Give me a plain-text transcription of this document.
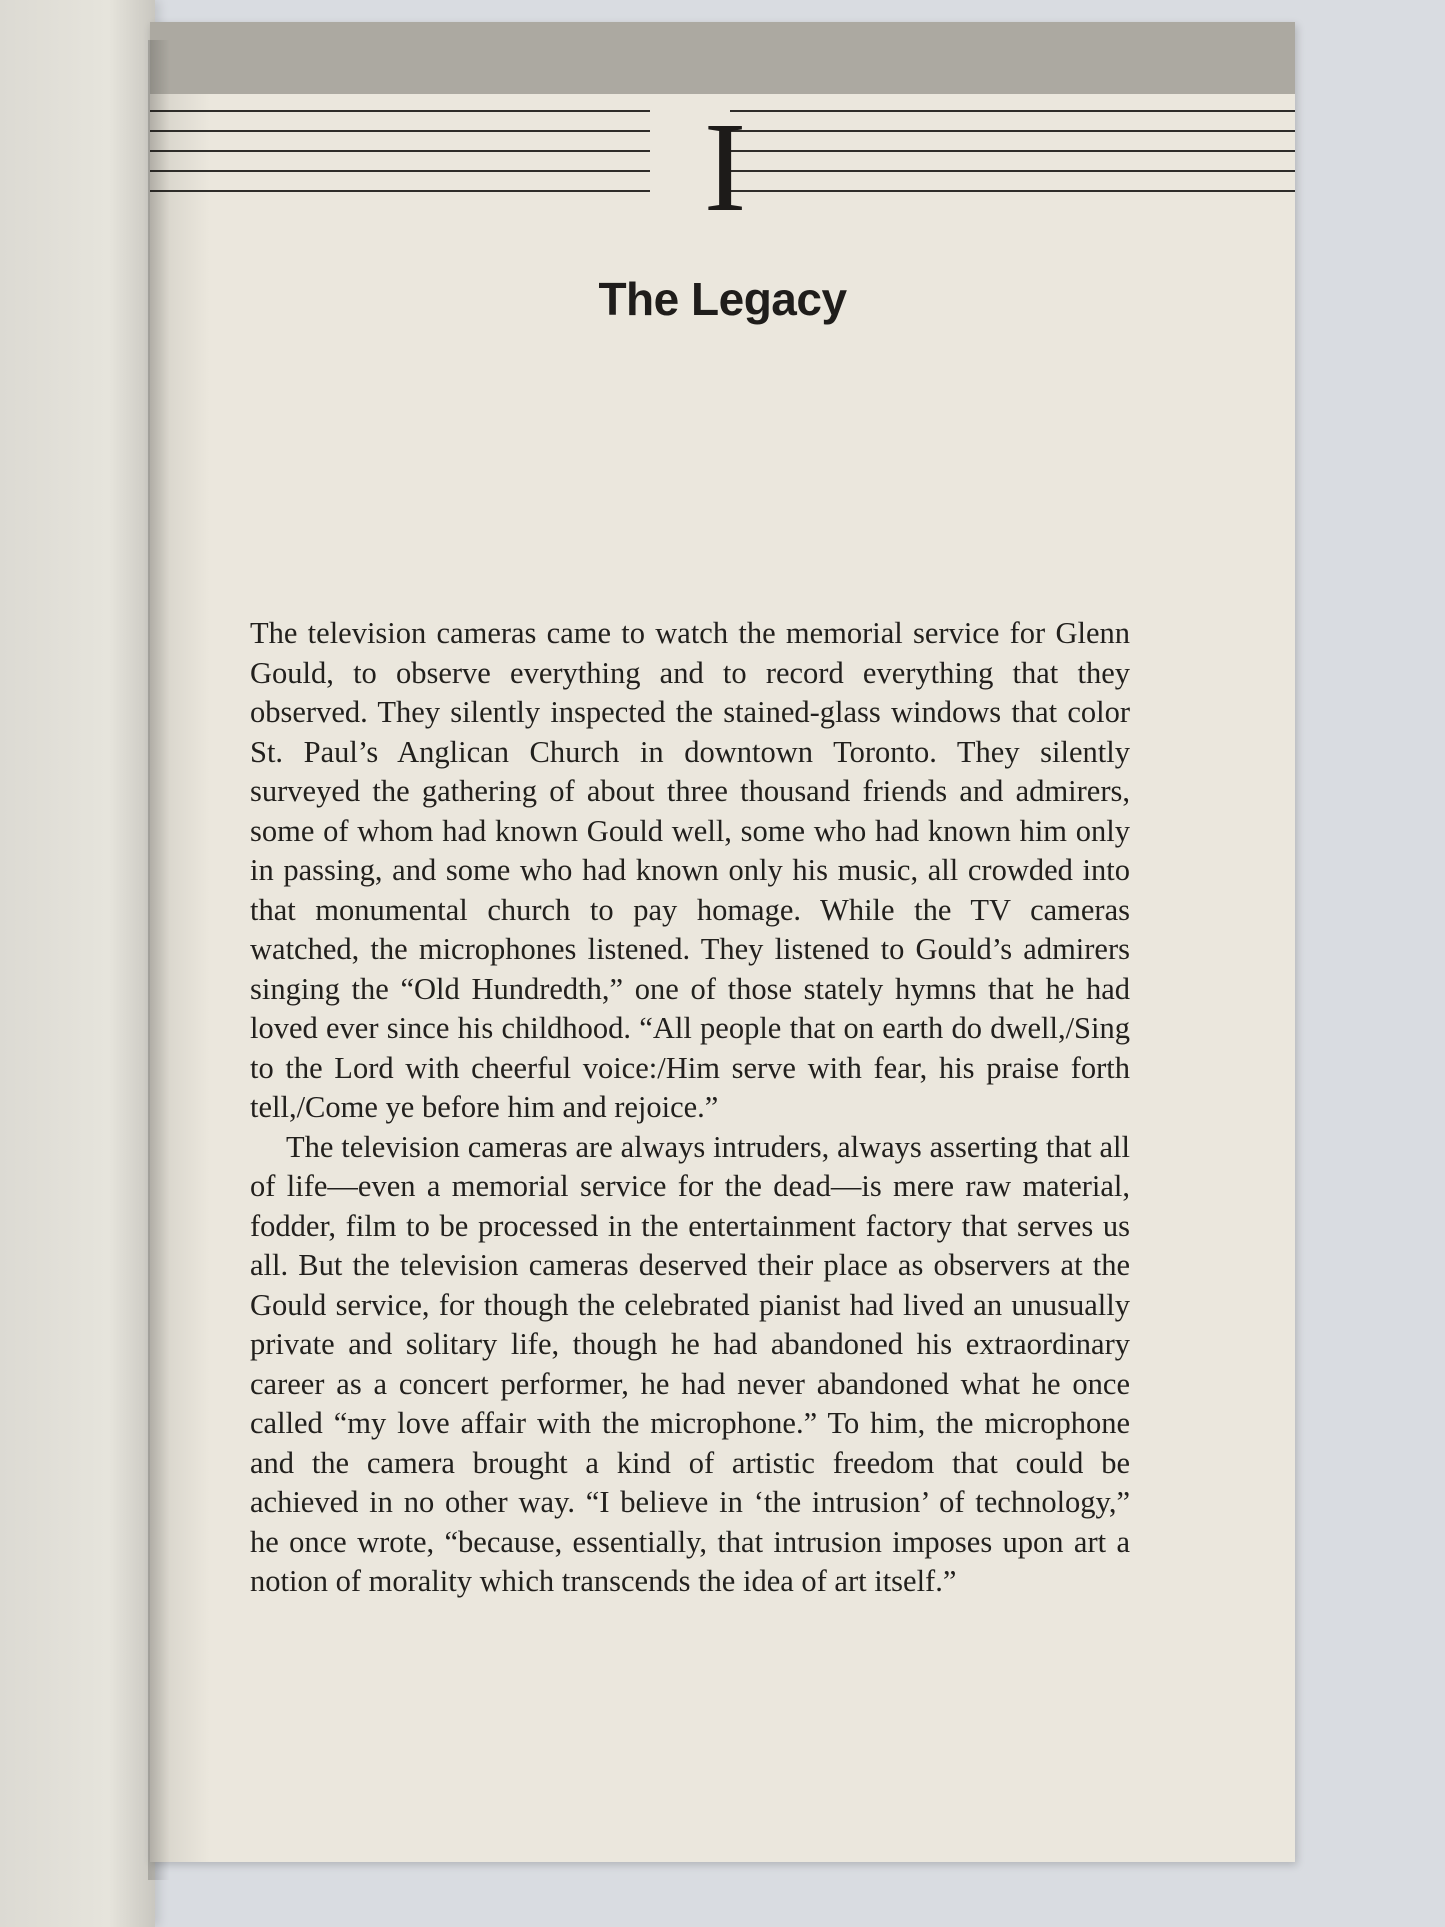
I
The Legacy

The television cameras came to watch the memorial service for Glenn Gould, to observe everything and to record everything that they observed. They silently inspected the stained-glass windows that color St. Paul’s Anglican Church in downtown Toronto. They silently surveyed the gathering of about three thousand friends and admirers, some of whom had known Gould well, some who had known him only in passing, and some who had known only his music, all crowded into that monumental church to pay homage. While the TV cameras watched, the microphones listened. They listened to Gould’s admirers singing the “Old Hundredth,” one of those stately hymns that he had loved ever since his childhood. “All people that on earth do dwell,/Sing to the Lord with cheerful voice:/Him serve with fear, his praise forth tell,/Come ye before him and rejoice.”

The television cameras are always intruders, always asserting that all of life—even a memorial service for the dead—is mere raw material, fodder, film to be processed in the entertainment factory that serves us all. But the television cameras deserved their place as observers at the Gould service, for though the celebrated pianist had lived an unusually private and solitary life, though he had abandoned his extraordinary career as a concert performer, he had never abandoned what he once called “my love affair with the microphone.” To him, the microphone and the camera brought a kind of artistic freedom that could be achieved in no other way. “I believe in ‘the intrusion’ of technology,” he once wrote, “because, essentially, that intrusion imposes upon art a notion of morality which transcends the idea of art itself.”
